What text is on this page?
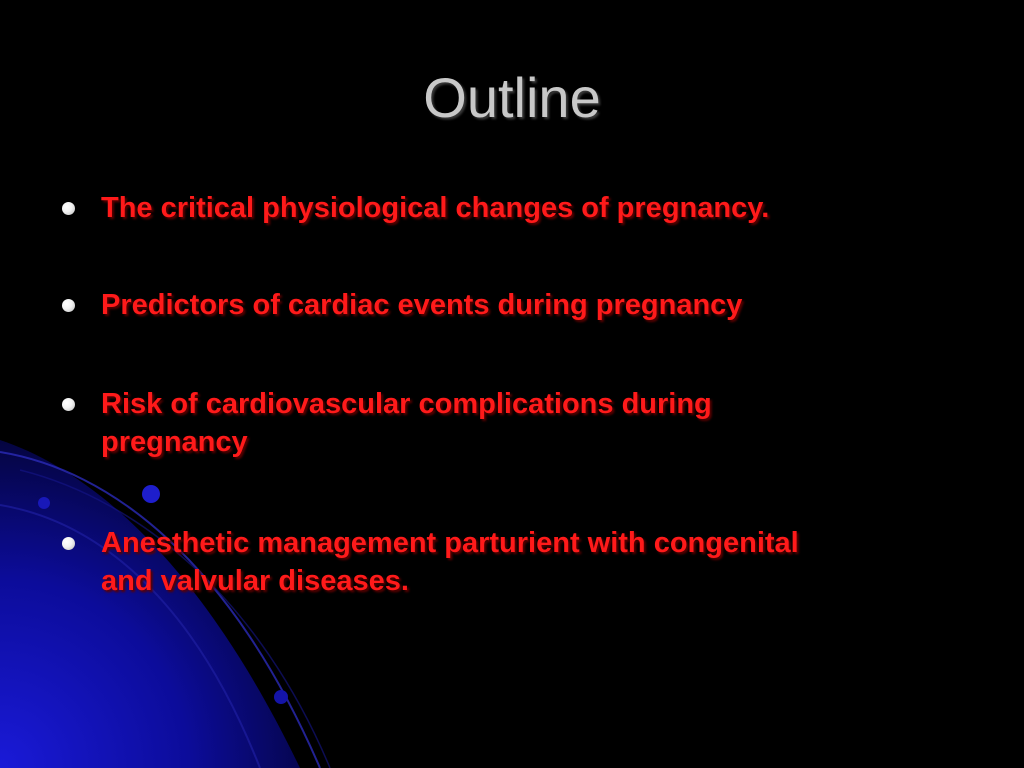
Outline
The critical physiological changes of pregnancy.
Predictors of cardiac events during pregnancy
Risk of cardiovascular complications during
pregnancy
Anesthetic management parturient with congenital
and valvular diseases.
